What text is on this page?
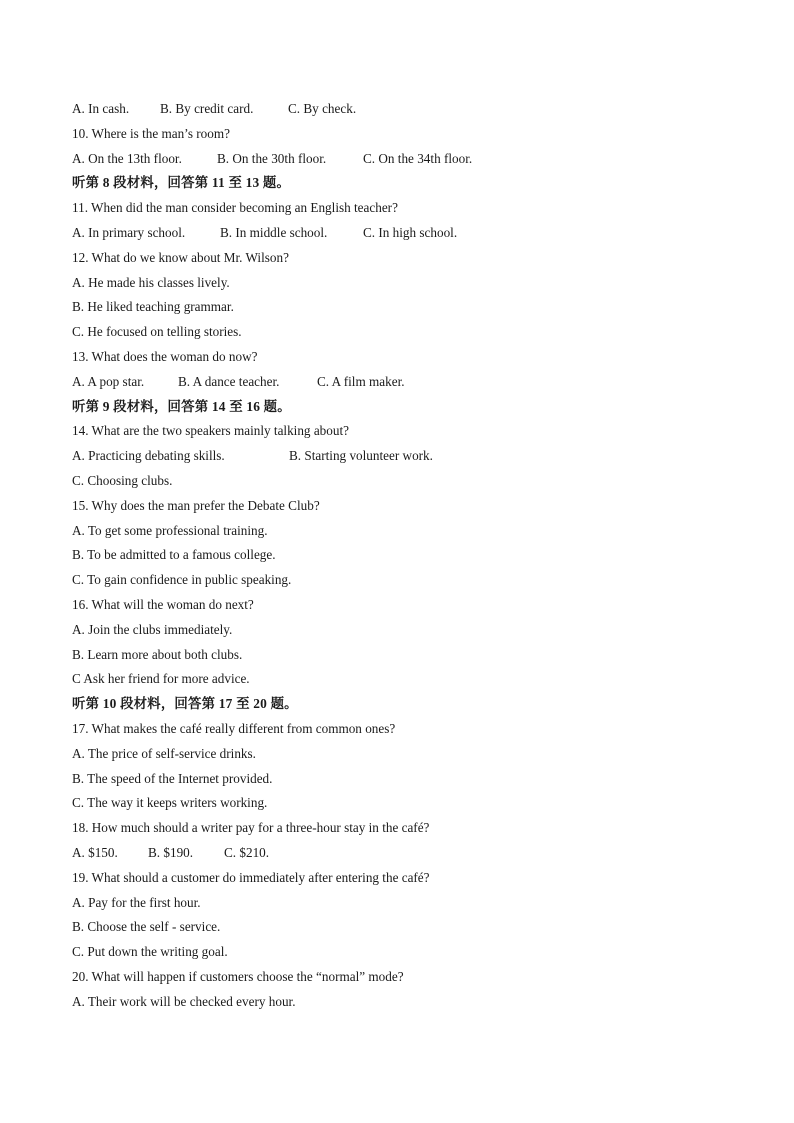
A. In cash. B. By credit card.	C. By check.
10. Where is the man’s room?
A. On the 13th floor.	B. On the 30th floor.	C. On the 34th floor.
听第 8 段材料，回答第 11 至 13 题。
11. When did the man consider becoming an English teacher?
A. In primary school.	B. In middle school.	C. In high school.
12. What do we know about Mr. Wilson?
A. He made his classes lively.
B. He liked teaching grammar.
C. He focused on telling stories.
13. What does the woman do now?
A. A pop star.	B. A dance teacher.	C. A film maker.
听第 9 段材料，回答第 14 至 16 题。
14. What are the two speakers mainly talking about?
A. Practicing debating skills.	B. Starting volunteer work.
C. Choosing clubs.
15. Why does the man prefer the Debate Club?
A. To get some professional training.
B. To be admitted to a famous college.
C. To gain confidence in public speaking.
16. What will the woman do next?
A. Join the clubs immediately.
B. Learn more about both clubs.
C Ask her friend for more advice.
听第 10 段材料，回答第 17 至 20 题。
17. What makes the café really different from common ones?
A. The price of self-service drinks.
B. The speed of the Internet provided.
C. The way it keeps writers working.
18. How much should a writer pay for a three-hour stay in the café?
A. $150. B. $190. C. $210.
19. What should a customer do immediately after entering the café?
A. Pay for the first hour.
B. Choose the self - service.
C. Put down the writing goal.
20. What will happen if customers choose the “normal” mode?
A. Their work will be checked every hour.
